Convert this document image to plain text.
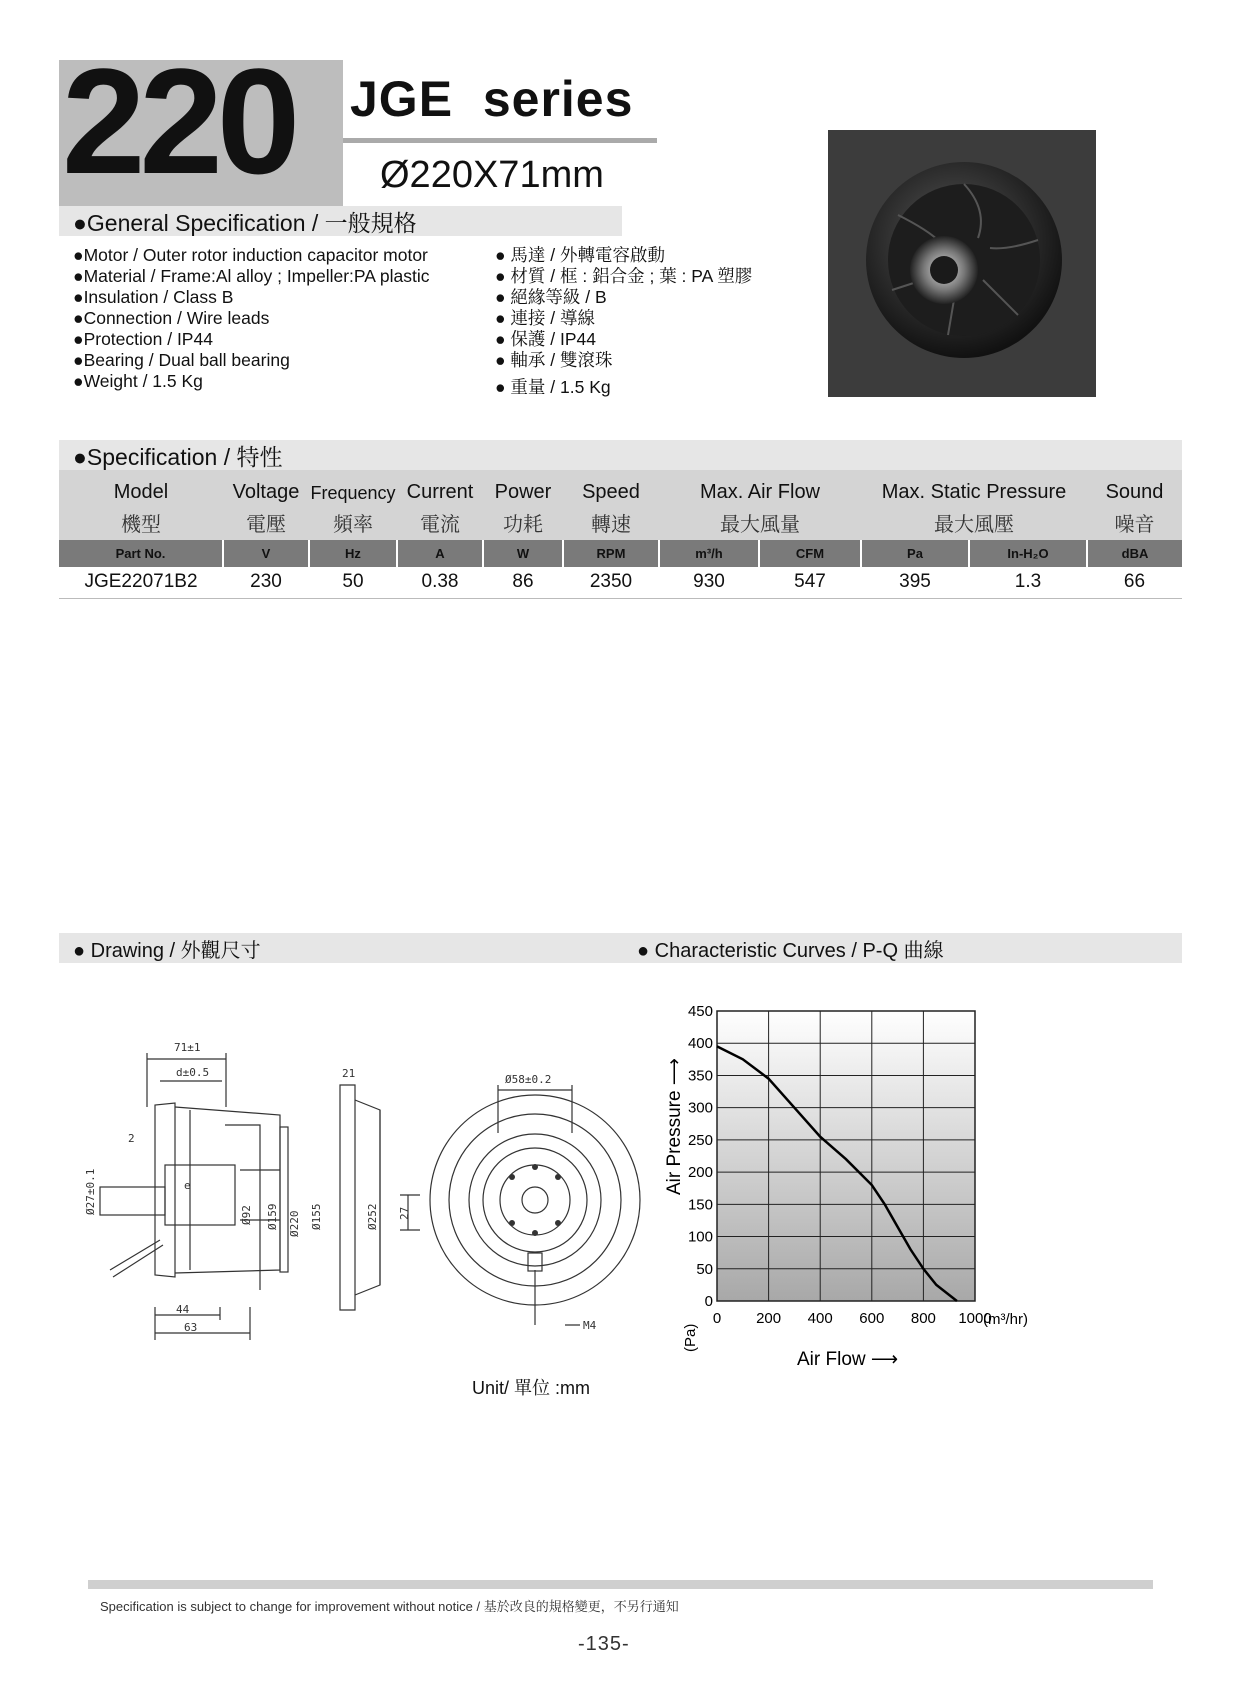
220 JGE  series
Ø220X71mm
●General Specification / 一般規格
●Motor / Outer rotor induction capacitor motor
●Material / Frame:Al alloy ; Impeller:PA plastic
●Insulation / Class B
●Connection / Wire leads
●Protection / IP44
●Bearing / Dual ball bearing
●Weight / 1.5 Kg
● 馬達 / 外轉電容啟動
● 材質 / 框 : 鋁合金 ; 葉 : PA 塑膠
● 絕緣等級 / B
● 連接 / 導線
● 保護 / IP44
● 軸承 / 雙滾珠
● 重量 / 1.5 Kg
●Specification / 特性
Model	Voltage	Frequency	Current	Power	Speed	Max. Air Flow		Max. Static Pressure		Sound
機型	電壓	頻率	電流	功耗	轉速	最大風量		最大風壓		噪音
Part No.	V	Hz	A	W	RPM	m³/h	CFM	Pa	In-H₂O	dBA
JGE22071B2	230	50	0.38	86	2350	930	547	395	1.3	66
● Drawing / 外觀尺寸	● Characteristic Curves / P-Q 曲線
71±1
d±0.5	21	Ø58±0.2
Ø27±0.1
2
e
Ø92 Ø159 Ø220 Ø155	Ø252 27
44
63	M4
Unit/ 單位 :mm
0 200 400 600 800 1000
0
50
100
150
200
250
300
350
400
450
Air Flow ⟶
(m³/hr)
Air Pressure ⟶
(Pa)
Specification is subject to change for improvement without notice / 基於改良的規格變更，不另行通知
-135-
